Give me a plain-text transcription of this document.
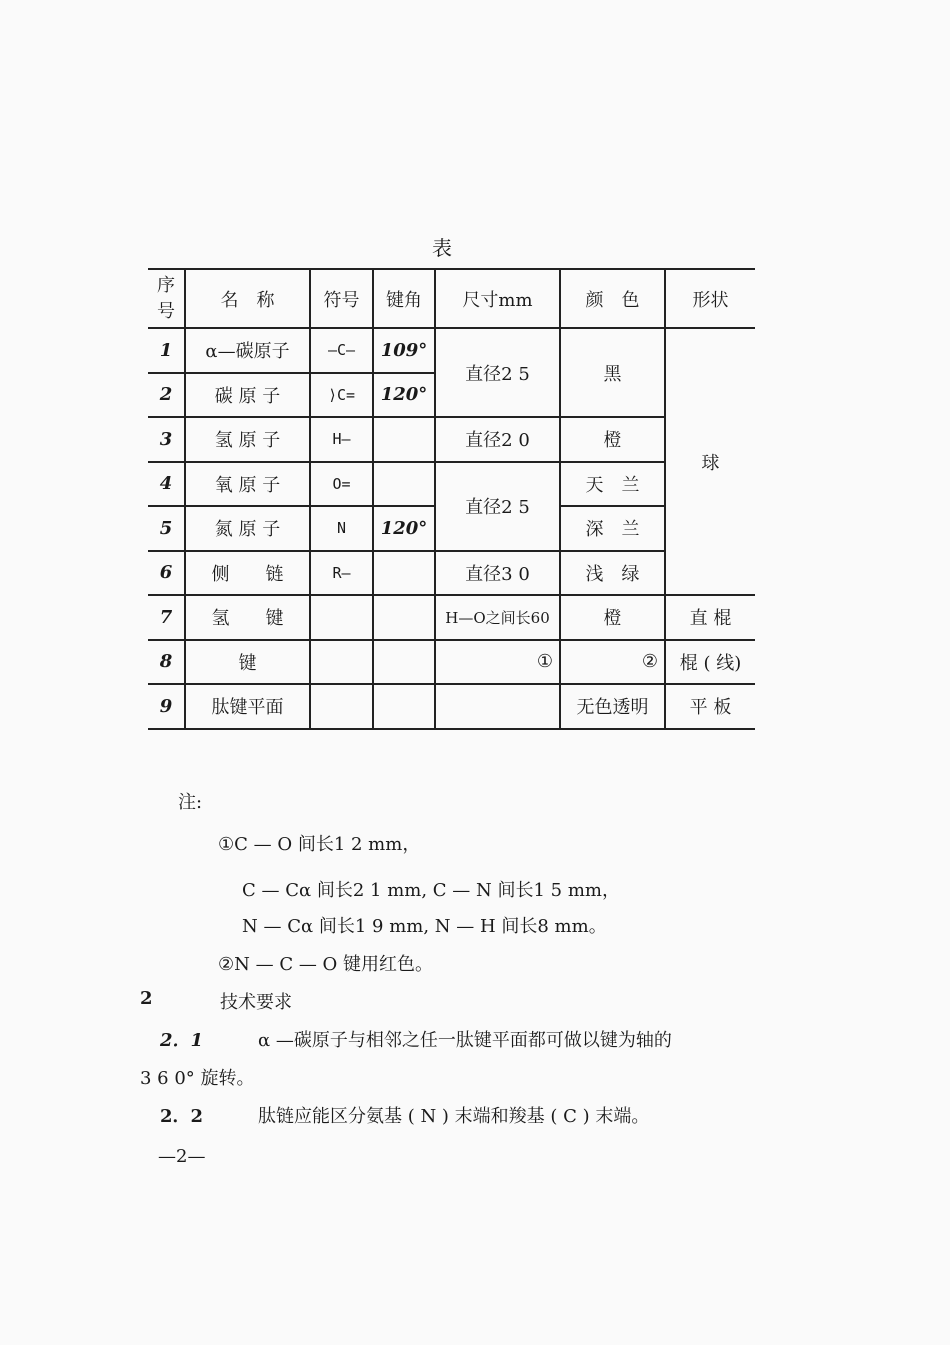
表
序号	名　称	符号	键角	尺寸mm	颜　色	形状
1	α—碳原子	—C—	109°	直径2 5	黑	球
2	碳 原 子	⟩C=	120°			
3	氢 原 子	H—		直径2 0	橙	
4	氧 原 子	O=		直径2 5	天　兰	
5	氮 原 子	N	120°		深　兰	
6	侧　　链	R—		直径3 0	浅　绿	
7	氢　　键			H—O之间长60	橙	直 棍
8	键			①	②	棍 ( 线)
9	肽键平面				无色透明	平 板
注:
①C — O 间长1 2 mm，
C — Cα 间长2 1 mm, C — N 间长1 5 mm，
N — Cα 间长1 9 mm, N — H 间长8 mm。
②N — C — O 键用红色。
2	技术要求
2．1	α —碳原子与相邻之任一肽键平面都可做以键为轴的
3 6 0° 旋转。
2．2	肽链应能区分氨基 ( N ) 末端和羧基 ( C ) 末端。
—2—
